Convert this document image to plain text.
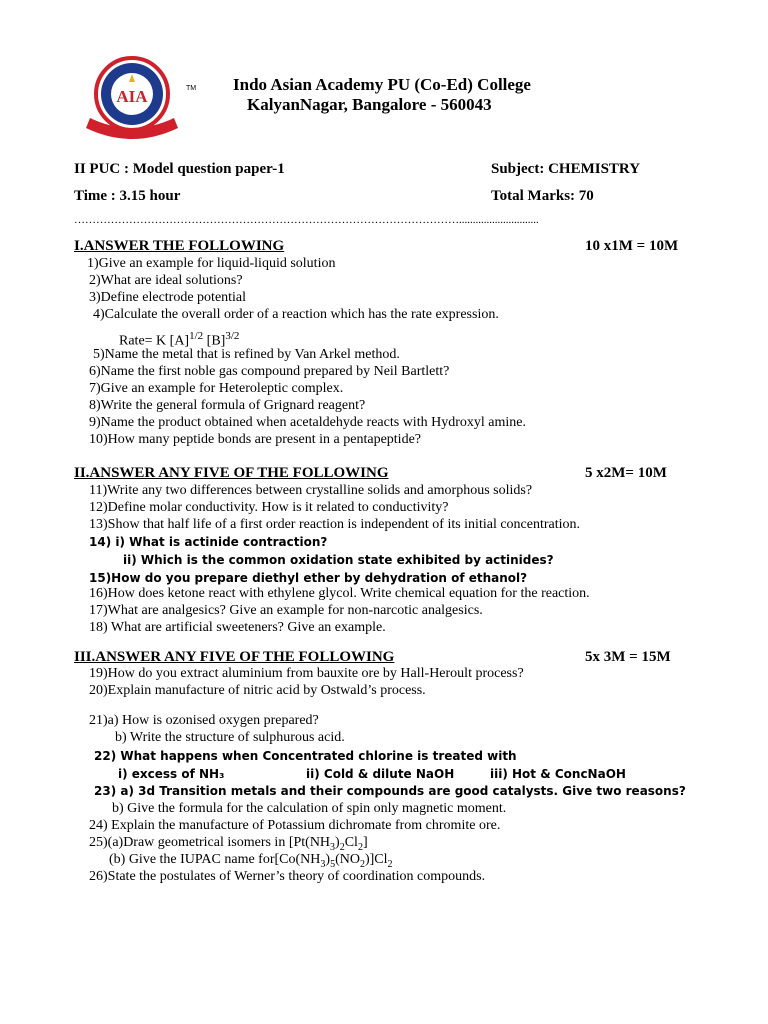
AIA	TM Indo Asian Academy PU (Co-Ed) College
KalyanNagar, Bangalore - 560043
II PUC : Model question paper-1	Subject: CHEMISTRY
Time : 3.15 hour	Total Marks: 70
…………………………………………………………………………………………….............................
I.ANSWER THE FOLLOWING	10 x1M = 10M
1)Give an example for liquid-liquid solution
2)What are ideal solutions?
3)Define electrode potential
4)Calculate the overall order of a reaction which has the rate expression.
Rate= K $[A]^{1/2}$ $[B]^{3/2}$
5)Name the metal that is refined by Van Arkel method.
6)Name the first noble gas compound prepared by Neil Bartlett?
7)Give an example for Heteroleptic complex.
8)Write the general formula of Grignard reagent?
9)Name the product obtained when acetaldehyde reacts with Hydroxyl amine.
10)How many peptide bonds are present in a pentapeptide?
II.ANSWER ANY FIVE OF THE FOLLOWING	5 x2M= 10M
11)Write any two differences between crystalline solids and amorphous solids?
12)Define molar conductivity. How is it related to conductivity?
13)Show that half life of a first order reaction is independent of its initial concentration.
14) i) What is actinide contraction?
ii) Which is the common oxidation state exhibited by actinides?
15)How do you prepare diethyl ether by dehydration of ethanol?
16)How does ketone react with ethylene glycol. Write chemical equation for the reaction.
17)What are analgesics? Give an example for non-narcotic analgesics.
18) What are artificial sweeteners? Give an example.
III.ANSWER ANY FIVE OF THE FOLLOWING	5x 3M = 15M
19)How do you extract aluminium from bauxite ore by Hall-Heroult process?
20)Explain manufacture of nitric acid by Ostwald’s process.
21)a) How is ozonised oxygen prepared?
b) Write the structure of sulphurous acid.
22) What happens when Concentrated chlorine is treated with
i) excess of NH₃	ii) Cold & dilute NaOH	iii) Hot & ConcNaOH
23) a) 3d Transition metals and their compounds are good catalysts. Give two reasons?
b) Give the formula for the calculation of spin only magnetic moment.
24) Explain the manufacture of Potassium dichromate from chromite ore.
25)(a)Draw geometrical isomers in $[Pt(NH_3)_2Cl_2]$
(b) Give the IUPAC name $for[Co(NH_3)_5(NO_2)]Cl_2$
26)State the postulates of Werner’s theory of coordination compounds.
